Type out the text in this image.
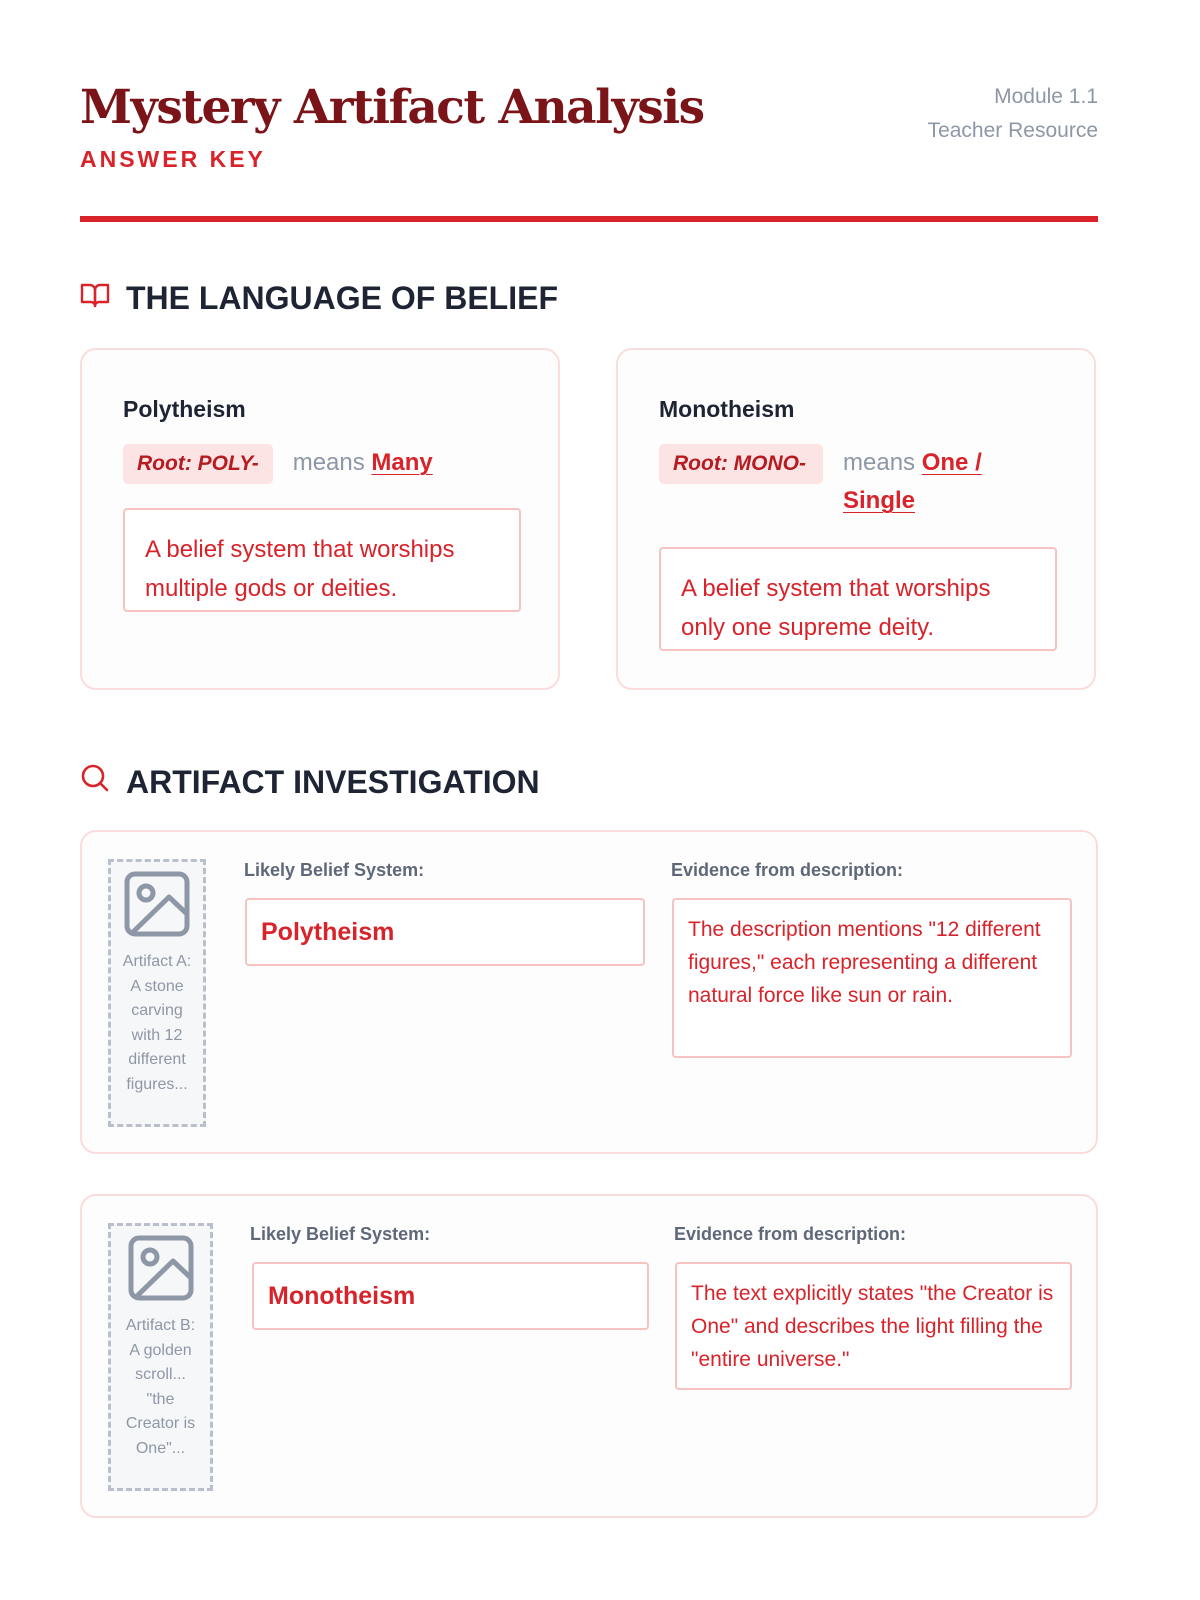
Mystery Artifact Analysis
ANSWER KEY
Module 1.1
Teacher Resource
THE LANGUAGE OF BELIEF
Polytheism
Root: POLY-	means Many
A belief system that worships multiple gods or deities.
Monotheism
Root: MONO-	means One / Single
A belief system that worships only one supreme deity.
ARTIFACT INVESTIGATION
Artifact A: A stone carving with 12 different figures...
Likely Belief System:
Polytheism
Evidence from description:
The description mentions "12 different figures," each representing a different natural force like sun or rain.
Artifact B: A golden scroll... "the Creator is One"...
Likely Belief System:
Monotheism
Evidence from description:
The text explicitly states "the Creator is One" and describes the light filling the "entire universe."
